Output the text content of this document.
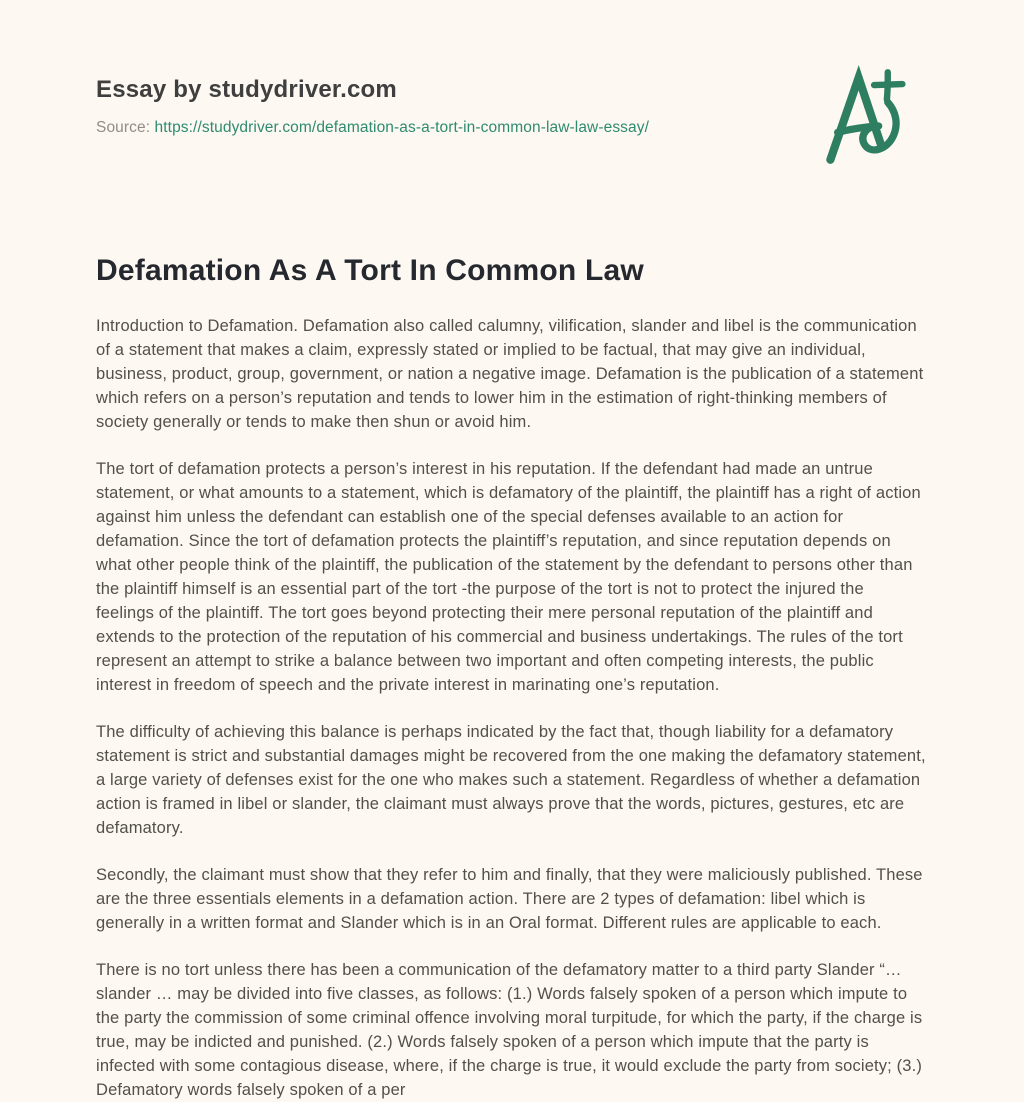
Essay by studydriver.com
Source: https://studydriver.com/defamation-as-a-tort-in-common-law-law-essay/
Defamation As A Tort In Common Law

Introduction to Defamation. Defamation also called calumny, vilification, slander and libel is the communication of a statement that makes a claim, expressly stated or implied to be factual, that may give an individual, business, product, group, government, or nation a negative image. Defamation is the publication of a statement which refers on a person’s reputation and tends to lower him in the estimation of right-thinking members of society generally or tends to make then shun or avoid him.

The tort of defamation protects a person’s interest in his reputation. If the defendant had made an untrue statement, or what amounts to a statement, which is defamatory of the plaintiff, the plaintiff has a right of action against him unless the defendant can establish one of the special defenses available to an action for defamation. Since the tort of defamation protects the plaintiff’s reputation, and since reputation depends on what other people think of the plaintiff, the publication of the statement by the defendant to persons other than the plaintiff himself is an essential part of the tort -the purpose of the tort is not to protect the injured the feelings of the plaintiff. The tort goes beyond protecting their mere personal reputation of the plaintiff and extends to the protection of the reputation of his commercial and business undertakings. The rules of the tort represent an attempt to strike a balance between two important and often competing interests, the public interest in freedom of speech and the private interest in marinating one’s reputation.

The difficulty of achieving this balance is perhaps indicated by the fact that, though liability for a defamatory statement is strict and substantial damages might be recovered from the one making the defamatory statement, a large variety of defenses exist for the one who makes such a statement. Regardless of whether a defamation action is framed in libel or slander, the claimant must always prove that the words, pictures, gestures, etc are defamatory.

Secondly, the claimant must show that they refer to him and finally, that they were maliciously published. These are the three essentials elements in a defamation action. There are 2 types of defamation: libel which is generally in a written format and Slander which is in an Oral format. Different rules are applicable to each.

There is no tort unless there has been a communication of the defamatory matter to a third party Slander “… slander … may be divided into five classes, as follows: (1.) Words falsely spoken of a person which impute to the party the commission of some criminal offence involving moral turpitude, for which the party, if the charge is true, may be indicted and punished. (2.) Words falsely spoken of a person which impute that the party is infected with some contagious disease, where, if the charge is true, it would exclude the party from society; (3.) Defamatory words falsely spoken of a per
